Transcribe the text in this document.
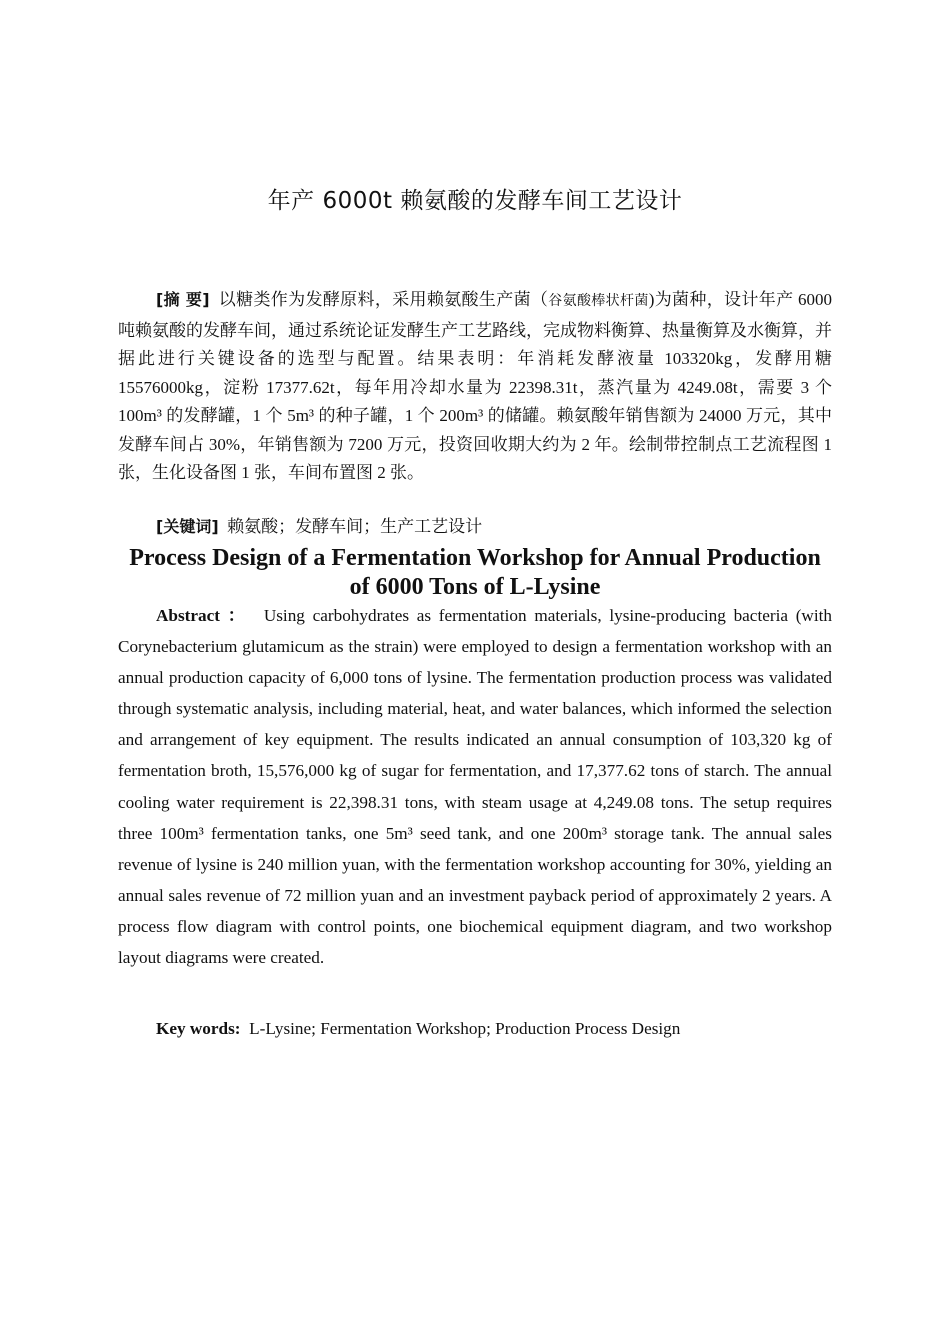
年产 6000t 赖氨酸的发酵车间工艺设计

[摘 要] 以糖类作为发酵原料，采用赖氨酸生产菌（谷氨酸棒状杆菌)为菌种，设计年产 6000 吨赖氨酸的发酵车间，通过系统论证发酵生产工艺路线，完成物料衡算、热量衡算及水衡算，并据此进行关键设备的选型与配置。结果表明：年消耗发酵液量 103320kg，发酵用糖 15576000kg，淀粉 17377.62t，每年用冷却水量为 22398.31t，蒸汽量为 4249.08t，需要 3 个 100m³ 的发酵罐，1 个 5m³ 的种子罐，1 个 200m³ 的储罐。赖氨酸年销售额为 24000 万元，其中发酵车间占 30%，年销售额为 7200 万元，投资回收期大约为 2 年。绘制带控制点工艺流程图 1 张，生化设备图 1 张，车间布置图 2 张。

[关键词] 赖氨酸；发酵车间；生产工艺设计

Process Design of a Fermentation Workshop for Annual Production of 6000 Tons of L-Lysine

Abstract ： Using carbohydrates as fermentation materials, lysine-producing bacteria (with Corynebacterium glutamicum as the strain) were employed to design a fermentation workshop with an annual production capacity of 6,000 tons of lysine. The fermentation production process was validated through systematic analysis, including material, heat, and water balances, which informed the selection and arrangement of key equipment. The results indicated an annual consumption of 103,320 kg of fermentation broth, 15,576,000 kg of sugar for fermentation, and 17,377.62 tons of starch. The annual cooling water requirement is 22,398.31 tons, with steam usage at 4,249.08 tons. The setup requires three 100m³ fermentation tanks, one 5m³ seed tank, and one 200m³ storage tank. The annual sales revenue of lysine is 240 million yuan, with the fermentation workshop accounting for 30%, yielding an annual sales revenue of 72 million yuan and an investment payback period of approximately 2 years. A process flow diagram with control points, one biochemical equipment diagram, and two workshop layout diagrams were created.

Key words: L-Lysine; Fermentation Workshop; Production Process Design
